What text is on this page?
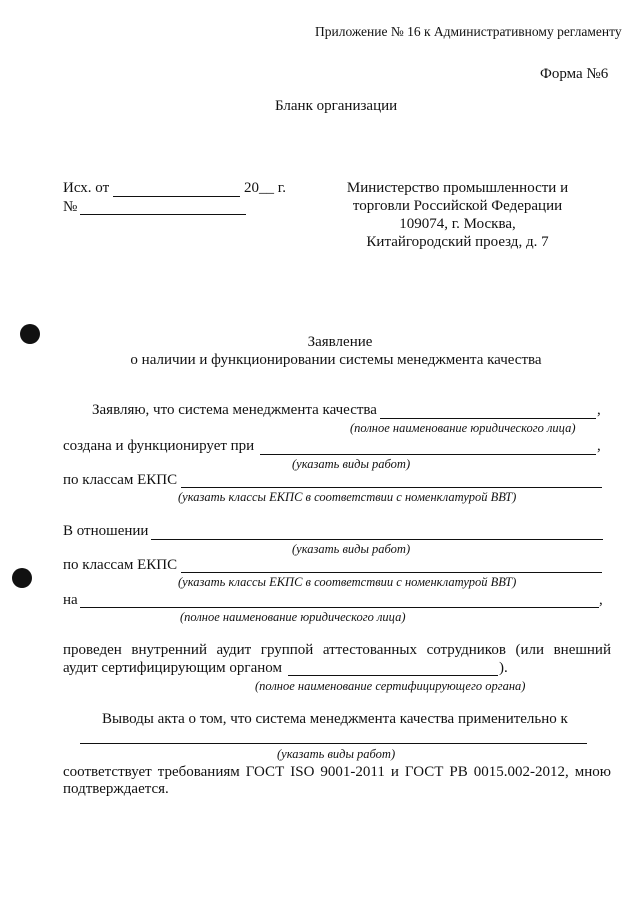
Приложение № 16 к Административному регламенту
Форма №6
Бланк организации
Исх. от	20__ г.
№
Министерство промышленности и
торговли Российской Федерации
109074, г. Москва,
Китайгородский проезд, д. 7
Заявление
о наличии и функционировании системы менеджмента качества
Заявляю, что система менеджмента качества	,
(полное наименование юридического лица)
создана и функционирует при	,
(указать виды работ)
по классам ЕКПС
(указать классы ЕКПС в соответствии с номенклатурой ВВТ)
В отношении
(указать виды работ)
по классам ЕКПС
(указать классы ЕКПС в соответствии с номенклатурой ВВТ)
на	,
(полное наименование юридического лица)
проведен внутренний аудит группой аттестованных сотрудников (или внешний
аудит сертифицирующим органом	).
(полное наименование сертифицирующего органа)
Выводы акта о том, что система менеджмента качества применительно к
(указать виды работ)
соответствует требованиям ГОСТ ISO 9001-2011 и ГОСТ РВ 0015.002-2012, мною
подтверждается.
